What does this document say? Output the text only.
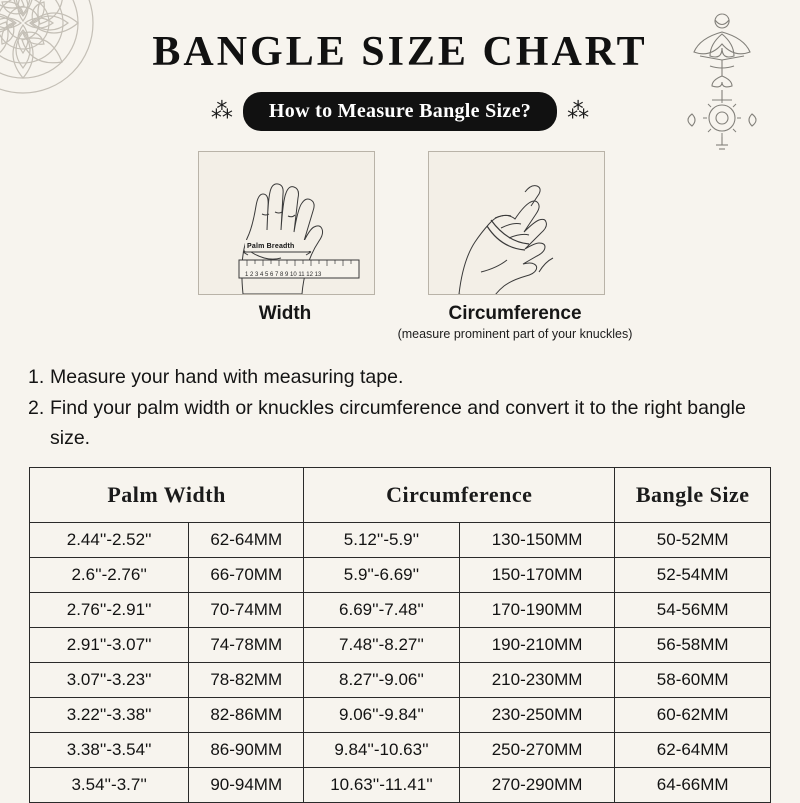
BANGLE SIZE CHART
⁂	How to Measure Bangle Size?	⁂
1 2 3 4 5 6 7 8 9 10 11 12 13
Palm Breadth
Width	Circumference
(measure prominent part of your knuckles)
1. Measure your hand with measuring tape.
2. Find your palm width or knuckles circumference and convert it to the right bangle size.
Palm Width		Circumference		Bangle Size
2.44''-2.52''	62-64MM	5.12''-5.9''	130-150MM	50-52MM
2.6''-2.76''	66-70MM	5.9''-6.69''	150-170MM	52-54MM
2.76''-2.91''	70-74MM	6.69''-7.48''	170-190MM	54-56MM
2.91''-3.07''	74-78MM	7.48''-8.27''	190-210MM	56-58MM
3.07''-3.23''	78-82MM	8.27''-9.06''	210-230MM	58-60MM
3.22''-3.38''	82-86MM	9.06''-9.84''	230-250MM	60-62MM
3.38''-3.54''	86-90MM	9.84''-10.63''	250-270MM	62-64MM
3.54''-3.7''	90-94MM	10.63''-11.41''	270-290MM	64-66MM
